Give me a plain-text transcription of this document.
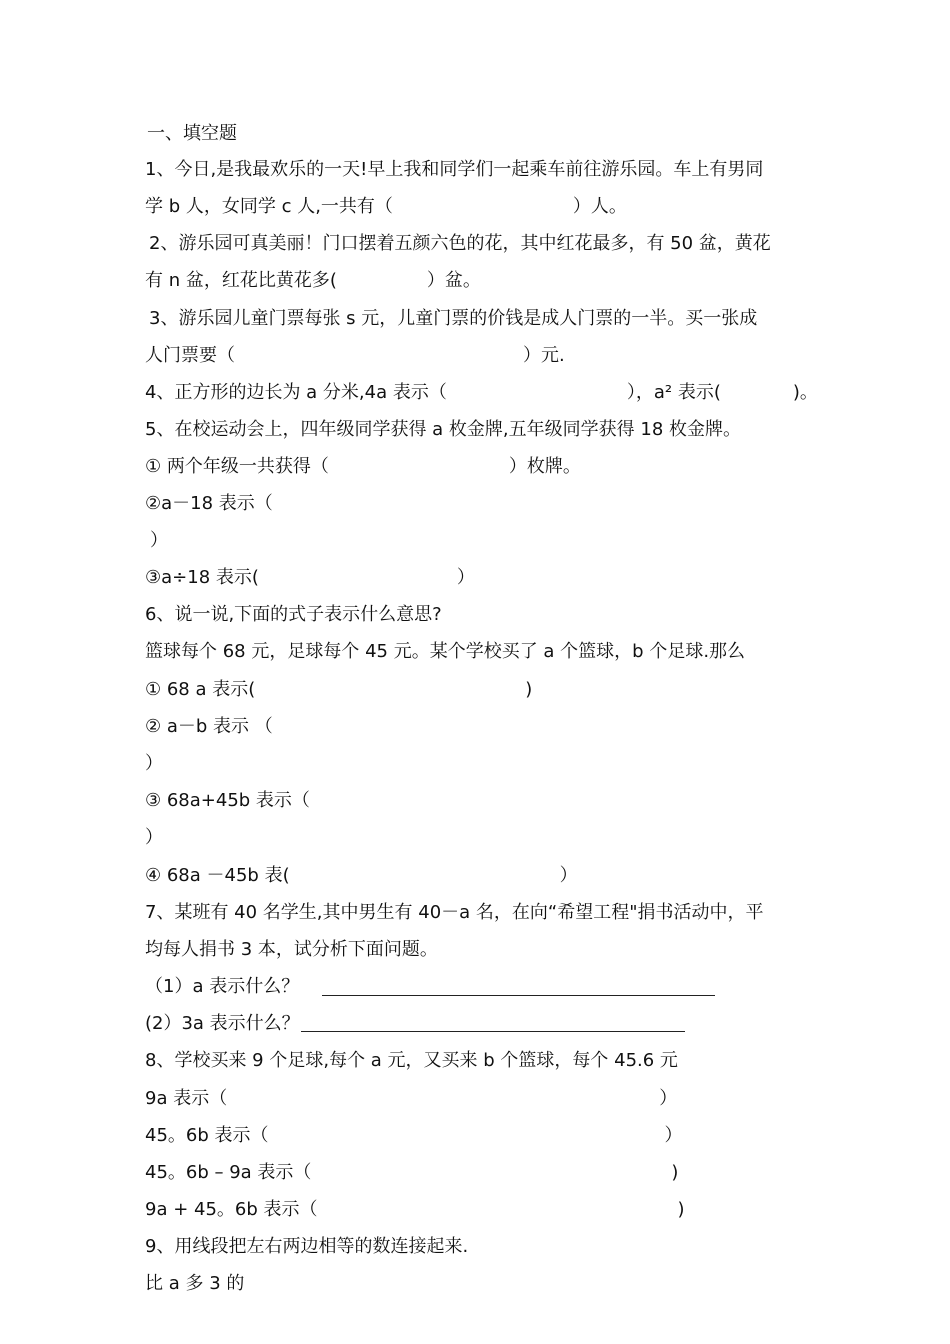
一、填空题
1、今日,是我最欢乐的一天!早上我和同学们一起乘车前往游乐园。车上有男同
学 b 人，女同学 c 人,一共有（　　　　　　　　　　）人。
2、游乐园可真美丽！门口摆着五颜六色的花，其中红花最多，有 50 盆，黄花
有 n 盆，红花比黄花多(　　　　　）盆。
3、游乐园儿童门票每张 s 元，儿童门票的价钱是成人门票的一半。买一张成
人门票要（　　　　　　　　　　　　　　　　）元.
4、正方形的边长为 a 分米,4a 表示（　　　　　　　　　　），a² 表示(　　　　)。
5、在校运动会上，四年级同学获得 a 枚金牌,五年级同学获得 18 枚金牌。
① 两个年级一共获得（　　　　　　　　　　）枚牌。
②a－18 表示（
）
③a÷18 表示(　　　　　　　　　　　）
6、说一说,下面的式子表示什么意思?
篮球每个 68 元，足球每个 45 元。某个学校买了 a 个篮球，b 个足球.那么
① 68 a 表示(　　　　　　　　　　　　　　　)
② a－b 表示 （
）
③ 68a+45b 表示（
）
④ 68a －45b 表(　　　　　　　　　　　　　　　）
7、某班有 40 名学生,其中男生有 40－a 名，在向“希望工程"捐书活动中，平
均每人捐书 3 本，试分析下面问题。
（1）a 表示什么？
(2）3a 表示什么？
8、学校买来 9 个足球,每个 a 元，又买来 b 个篮球，每个 45.6 元
9a 表示（　　　　　　　　　　　　　　　　　　　　　　　　）
45。6b 表示（　　　　　　　　　　　　　　　　　　　　　　）
45。6b – 9a 表示（　　　　　　　　　　　　　　　　　　　　)
9a + 45。6b 表示（　　　　　　　　　　　　　　　　　　　　)
9、用线段把左右两边相等的数连接起来.
比 a 多 3 的
